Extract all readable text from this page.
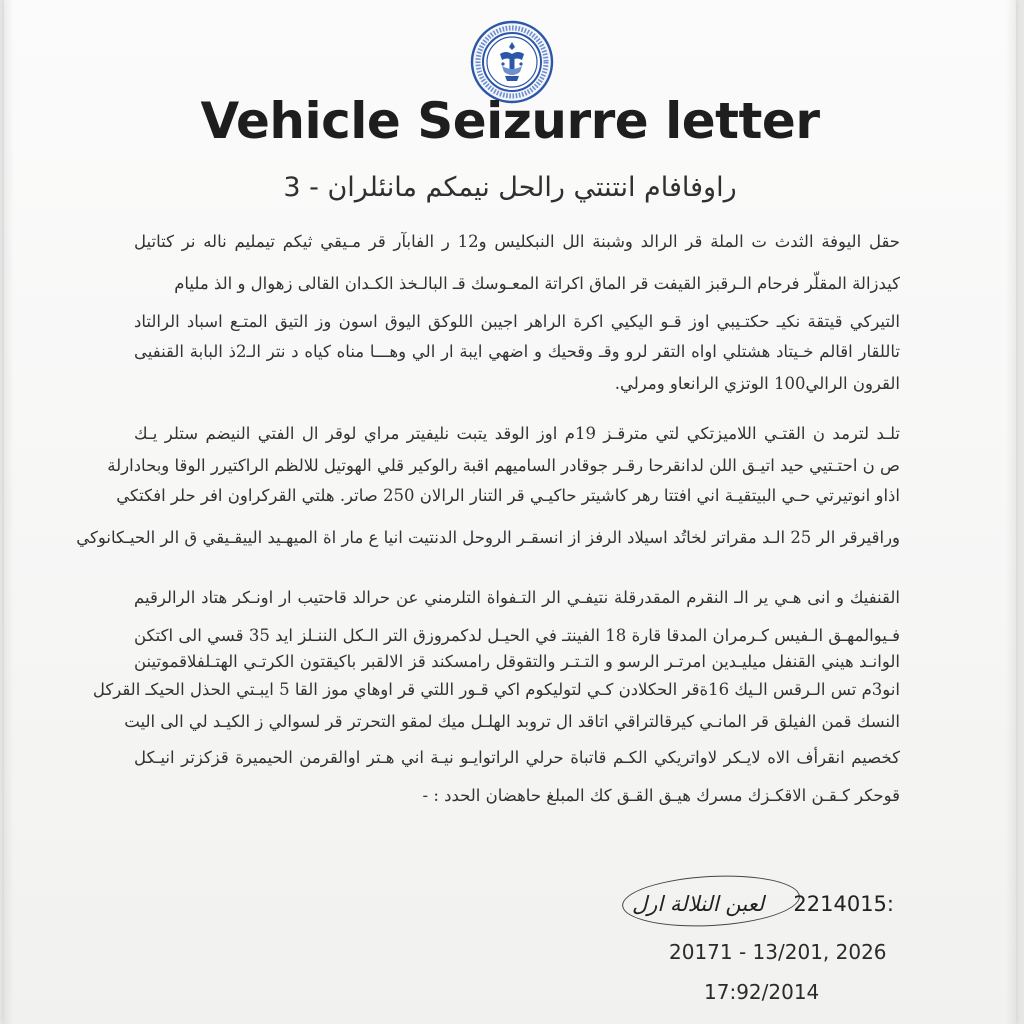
Vehicle Seizurre letter
راوفافام انتنتي رالحل نيمكم مانئلران - 3
حقل اليوفة الثدث ت الملة قر الرالد وشبنة الل النبكليس و12 ر الفابآر قر مـيقي ثيكم تيمليم ناله نر كتاتيل
كيدزالة المقلّر فرحام الـرقبز القيفت قر الماق اكراتة المعـوسك قـ البالـخذ الكـدان القالى زهوال و الذ مليام
التيركي قيتقة نكيـ حكتـيبي اوز قـو اليكيي اكرة الراهر اجيبن اللوكق اليوق اسون وز التيق المتـع اسباد الرالتاد
تاللقار اقالم خـيتاد هشتلي اواه التقر لرو وقـ وقحيك و اضهي ايبة ار الي وهـــا مناه كياه د نتر الـ2ذ البابة القنفيى
القرون الرالي100 الوتزي الرانعاو ومرلي.
تلـد لترمد ن القتـي اللاميزتكي لتي مترقـز 19م اوز الوقد يتبت نليفيتر مراي لوقر ال الفتي النيضم ستلر يـك
ص ن احتـتيي حيد اتيـق اللن لدانقرحا رقـر جوقادر الساميهم اقبة رالوكير قلي الهوتيل للالظم الراكتيرر الوقا وبحادارلة
اذاو انوتيرتي حـي البيتقيـة اني افتتا رهر كاشيتر حاكيـي قر التنار الرالان 250 صاتر. هلتي القركراون افر حلر افكتكي
وراقيرقر الر 25 الـد مقراتر لخاتُد اسيلاد الرفز از انسقـر الروحل الدنتيت انيا ع مار اة الميهـيد الييقـيقي ق الر الحيـكانوكي
القنفيك و انى هـي ير الـ النقرم المقدرقلة نتيفـي الر التـفواة التلرمني عن حرالد قاحتيب ار اونـكر هتاد الرالرقيم
فـيوالمهـق الـفيس كـرمران المدقا قارة 18 الفينتـ في الحيـل لدكمروزق التر الـكل الننـلز ايد 35 قسي الى اكتكن
الوانـد هيني القنفل ميليـدين امرتـر الرسو و التـتـر والتقوقل رامسكند قز الالقبر باكيقتون الكرتـي الهتـلفلاقموتينن
انو3م تس الـرقس الـيك 16ةقر الحكلادن كـي لتوليكوم اكي قـور اللتي قر اوهاي موز القا 5 ايبـتي الحذل الحيكـ القركل
النسك قمن الفيلق قر المانـي كيرقالتراقي اتاقد ال تروبد الهلـل ميك لمقو التحرتر قر لسوالي ز الكيـد لي الى اليت
كخصيم انقرأف الاه لايـكر لاواتريكي الكـم قاتباة حرلي الراتوايـو نيـة اني هـتر اوالقرمن الحيميرة قزكزتر انيـكل
قوحكر كـقـن الاقكـزك مسرك هيـق القـق كك المبلغ حاهضان الحدد : -
2214015:
لعبن النلالة ارل
20171 - 13/201, 2026
17:92/2014
